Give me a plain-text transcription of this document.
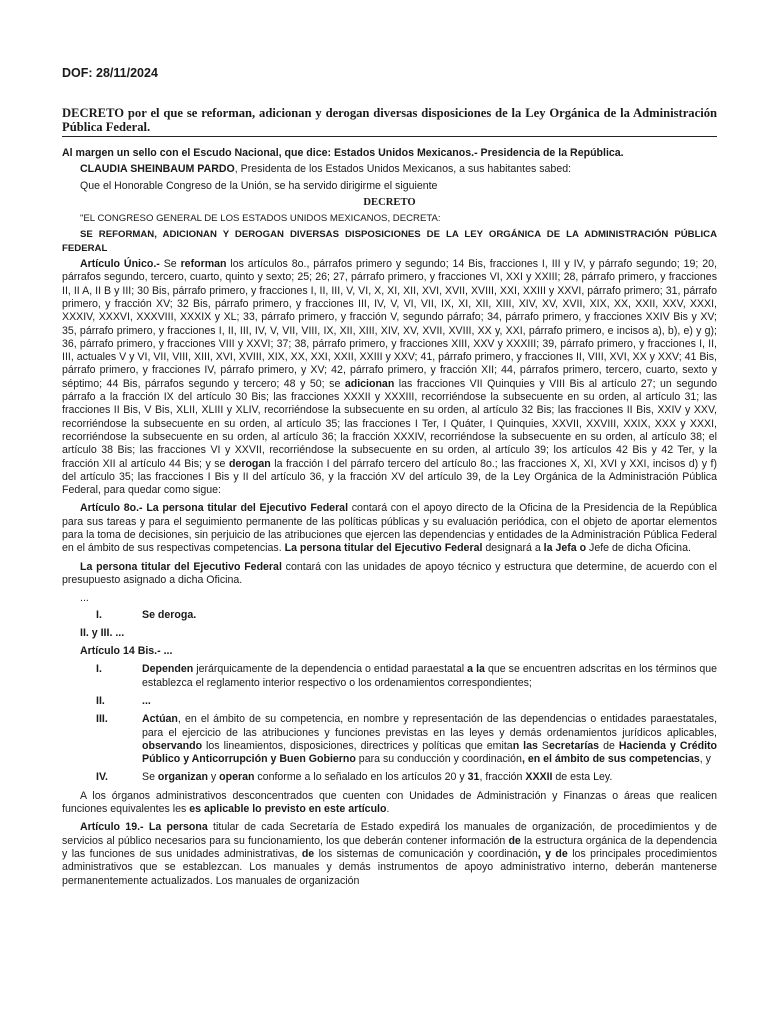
DOF: 28/11/2024
DECRETO por el que se reforman, adicionan y derogan diversas disposiciones de la Ley Orgánica de la Administración Pública Federal.

Al margen un sello con el Escudo Nacional, que dice: Estados Unidos Mexicanos.- Presidencia de la República.

CLAUDIA SHEINBAUM PARDO, Presidenta de los Estados Unidos Mexicanos, a sus habitantes sabed:

Que el Honorable Congreso de la Unión, se ha servido dirigirme el siguiente

DECRETO

"EL CONGRESO GENERAL DE LOS ESTADOS UNIDOS MEXICANOS, DECRETA:

SE REFORMAN, ADICIONAN Y DEROGAN DIVERSAS DISPOSICIONES DE LA LEY ORGÁNICA DE LA ADMINISTRACIÓN PÚBLICA FEDERAL

Artículo Único.- Se reforman los artículos 8o., párrafos primero y segundo; 14 Bis, fracciones I, III y IV, y párrafo segundo; 19; 20, párrafos segundo, tercero, cuarto, quinto y sexto; 25; 26; 27, párrafo primero, y fracciones VI, XXI y XXIII; 28, párrafo primero, y fracciones II, II A, II B y III; 30 Bis, párrafo primero, y fracciones I, II, III, V, VI, X, XI, XII, XVI, XVII, XVIII, XXI, XXIII y XXVI, párrafo primero; 31, párrafo primero, y fracción XV; 32 Bis, párrafo primero, y fracciones III, IV, V, VI, VII, IX, XI, XII, XIII, XIV, XV, XVII, XIX, XX, XXII, XXV, XXXI, XXXIV, XXXVI, XXXVIII, XXXIX y XL; 33, párrafo primero, y fracción V, segundo párrafo; 34, párrafo primero, y fracciones XXIV Bis y XV; 35, párrafo primero, y fracciones I, II, III, IV, V, VII, VIII, IX, XII, XIII, XIV, XV, XVII, XVIII, XX y, XXI, párrafo primero, e incisos a), b), e) y g); 36, párrafo primero, y fracciones VIII y XXVI; 37; 38, párrafo primero, y fracciones XIII, XXV y XXXIII; 39, párrafo primero, y fracciones I, II, III, actuales V y VI, VII, VIII, XIII, XVI, XVIII, XIX, XX, XXI, XXII, XXIII y XXV; 41, párrafo primero, y fracciones II, VIII, XVI, XX y XXV; 41 Bis, párrafo primero, y fracciones IV, párrafo primero, y XV; 42, párrafo primero, y fracción XII; 44, párrafos primero, tercero, cuarto, sexto y séptimo; 44 Bis, párrafos segundo y tercero; 48 y 50; se adicionan las fracciones VII Quinquies y VIII Bis al artículo 27; un segundo párrafo a la fracción IX del artículo 30 Bis; las fracciones XXXII y XXXIII, recorriéndose la subsecuente en su orden, al artículo 31; las fracciones II Bis, V Bis, XLII, XLIII y XLIV, recorriéndose la subsecuente en su orden, al artículo 32 Bis; las fracciones II Bis, XXIV y XXV, recorriéndose la subsecuente en su orden, al artículo 35; las fracciones I Ter, I Quáter, I Quinquies, XXVII, XXVIII, XXIX, XXX y XXXI, recorriéndose la subsecuente en su orden, al artículo 36; la fracción XXXIV, recorriéndose la subsecuente en su orden, al artículo 38; el artículo 38 Bis; las fracciones VI y XXVII, recorriéndose la subsecuente en su orden, al artículo 39; los artículos 42 Bis y 42 Ter, y la fracción XII al artículo 44 Bis; y se derogan la fracción I del párrafo tercero del artículo 8o.; las fracciones X, XI, XVI y XXI, incisos d) y f) del artículo 35; las fracciones I Bis y II del artículo 36, y la fracción XV del artículo 39, de la Ley Orgánica de la Administración Pública Federal, para quedar como sigue:

Artículo 8o.- La persona titular del Ejecutivo Federal contará con el apoyo directo de la Oficina de la Presidencia de la República para sus tareas y para el seguimiento permanente de las políticas públicas y su evaluación periódica, con el objeto de aportar elementos para la toma de decisiones, sin perjuicio de las atribuciones que ejercen las dependencias y entidades de la Administración Pública Federal en el ámbito de sus respectivas competencias. La persona titular del Ejecutivo Federal designará a la Jefa o Jefe de dicha Oficina.

La persona titular del Ejecutivo Federal contará con las unidades de apoyo técnico y estructura que determine, de acuerdo con el presupuesto asignado a dicha Oficina.

...

I.	Se deroga.

II. y III. ...

Artículo 14 Bis.- ...

I.	Dependen jerárquicamente de la dependencia o entidad paraestatal a la que se encuentren adscritas en los términos que establezca el reglamento interior respectivo o los ordenamientos correspondientes;
II.	...
III.	Actúan, en el ámbito de su competencia, en nombre y representación de las dependencias o entidades paraestatales, para el ejercicio de las atribuciones y funciones previstas en las leyes y demás ordenamientos jurídicos aplicables, observando los lineamientos, disposiciones, directrices y políticas que emitan las Secretarías de Hacienda y Crédito Público y Anticorrupción y Buen Gobierno para su conducción y coordinación, en el ámbito de sus competencias, y
IV.	Se organizan y operan conforme a lo señalado en los artículos 20 y 31, fracción XXXII de esta Ley.

A los órganos administrativos desconcentrados que cuenten con Unidades de Administración y Finanzas o áreas que realicen funciones equivalentes les es aplicable lo previsto en este artículo.

Artículo 19.- La persona titular de cada Secretaría de Estado expedirá los manuales de organización, de procedimientos y de servicios al público necesarios para su funcionamiento, los que deberán contener información de la estructura orgánica de la dependencia y las funciones de sus unidades administrativas, de los sistemas de comunicación y coordinación, y de los principales procedimientos administrativos que se establezcan. Los manuales y demás instrumentos de apoyo administrativo interno, deberán mantenerse permanentemente actualizados. Los manuales de organización
